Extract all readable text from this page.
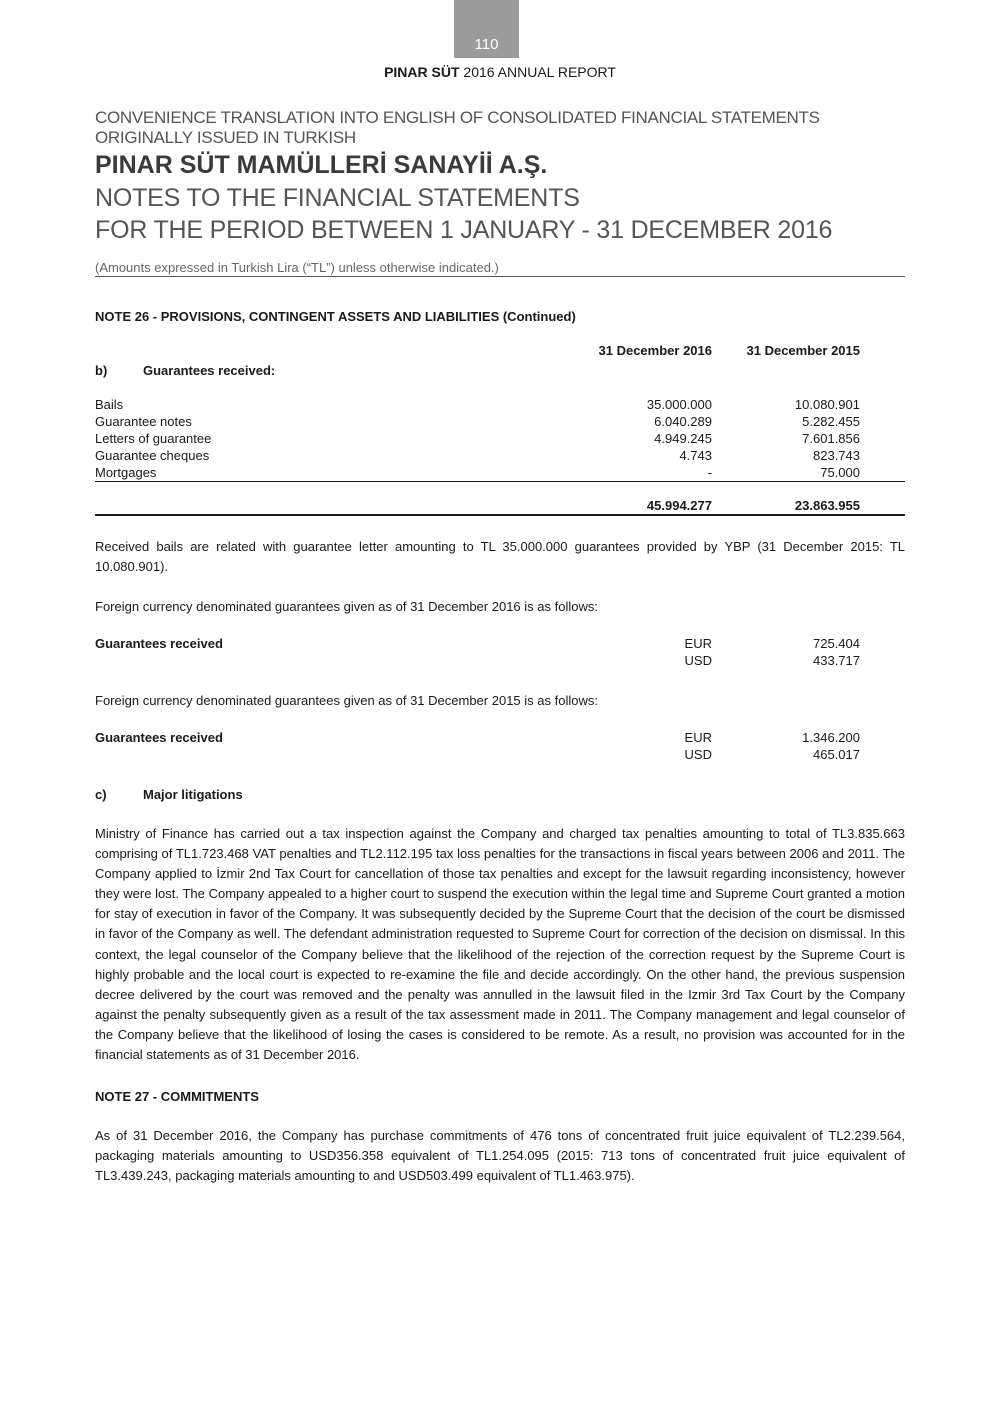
110
PINAR SÜT 2016 ANNUAL REPORT
CONVENIENCE TRANSLATION INTO ENGLISH OF CONSOLIDATED FINANCIAL STATEMENTS
ORIGINALLY ISSUED IN TURKISH
PINAR SÜT MAMÜLLERİ SANAYİİ A.Ş.
NOTES TO THE FINANCIAL STATEMENTS
FOR THE PERIOD BETWEEN 1 JANUARY - 31 DECEMBER 2016
(Amounts expressed in Turkish Lira (“TL”) unless otherwise indicated.)
NOTE 26 - PROVISIONS, CONTINGENT ASSETS AND LIABILITIES (Continued)
31 December 2016	31 December 2015
b)	Guarantees received:
Bails	35.000.000	10.080.901
Guarantee notes	6.040.289	5.282.455
Letters of guarantee	4.949.245	7.601.856
Guarantee cheques	4.743	823.743
Mortgages	-	75.000
45.994.277	23.863.955

Received bails are related with guarantee letter amounting to TL 35.000.000 guarantees provided by YBP (31 December 2015: TL 10.080.901).

Foreign currency denominated guarantees given as of 31 December 2016 is as follows:
Guarantees received	EUR	725.404
USD	433.717
Foreign currency denominated guarantees given as of 31 December 2015 is as follows:
Guarantees received	EUR	1.346.200
USD	465.017
c)	Major litigations

Ministry of Finance has carried out a tax inspection against the Company and charged tax penalties amounting to total of TL3.835.663 comprising of TL1.723.468 VAT penalties and TL2.112.195 tax loss penalties for the transactions in fiscal years between 2006 and 2011. The Company applied to İzmir 2nd Tax Court for cancellation of those tax penalties and except for the lawsuit regarding inconsistency, however they were lost. The Company appealed to a higher court to suspend the execution within the legal time and Supreme Court granted a motion for stay of execution in favor of the Company. It was subsequently decided by the Supreme Court that the decision of the court be dismissed in favor of the Company as well. The defendant administration requested to Supreme Court for correction of the decision on dismissal. In this context, the legal counselor of the Company believe that the likelihood of the rejection of the correction request by the Supreme Court is highly probable and the local court is expected to re-examine the file and decide accordingly. On the other hand, the previous suspension decree delivered by the court was removed and the penalty was annulled in the lawsuit filed in the Izmir 3rd Tax Court by the Company against the penalty subsequently given as a result of the tax assessment made in 2011. The Company management and legal counselor of the Company believe that the likelihood of losing the cases is considered to be remote. As a result, no provision was accounted for in the financial statements as of 31 December 2016.

NOTE 27 - COMMITMENTS

As of 31 December 2016, the Company has purchase commitments of 476 tons of concentrated fruit juice equivalent of TL2.239.564, packaging materials amounting to USD356.358 equivalent of TL1.254.095 (2015: 713 tons of concentrated fruit juice equivalent of TL3.439.243, packaging materials amounting to and USD503.499 equivalent of TL1.463.975).
